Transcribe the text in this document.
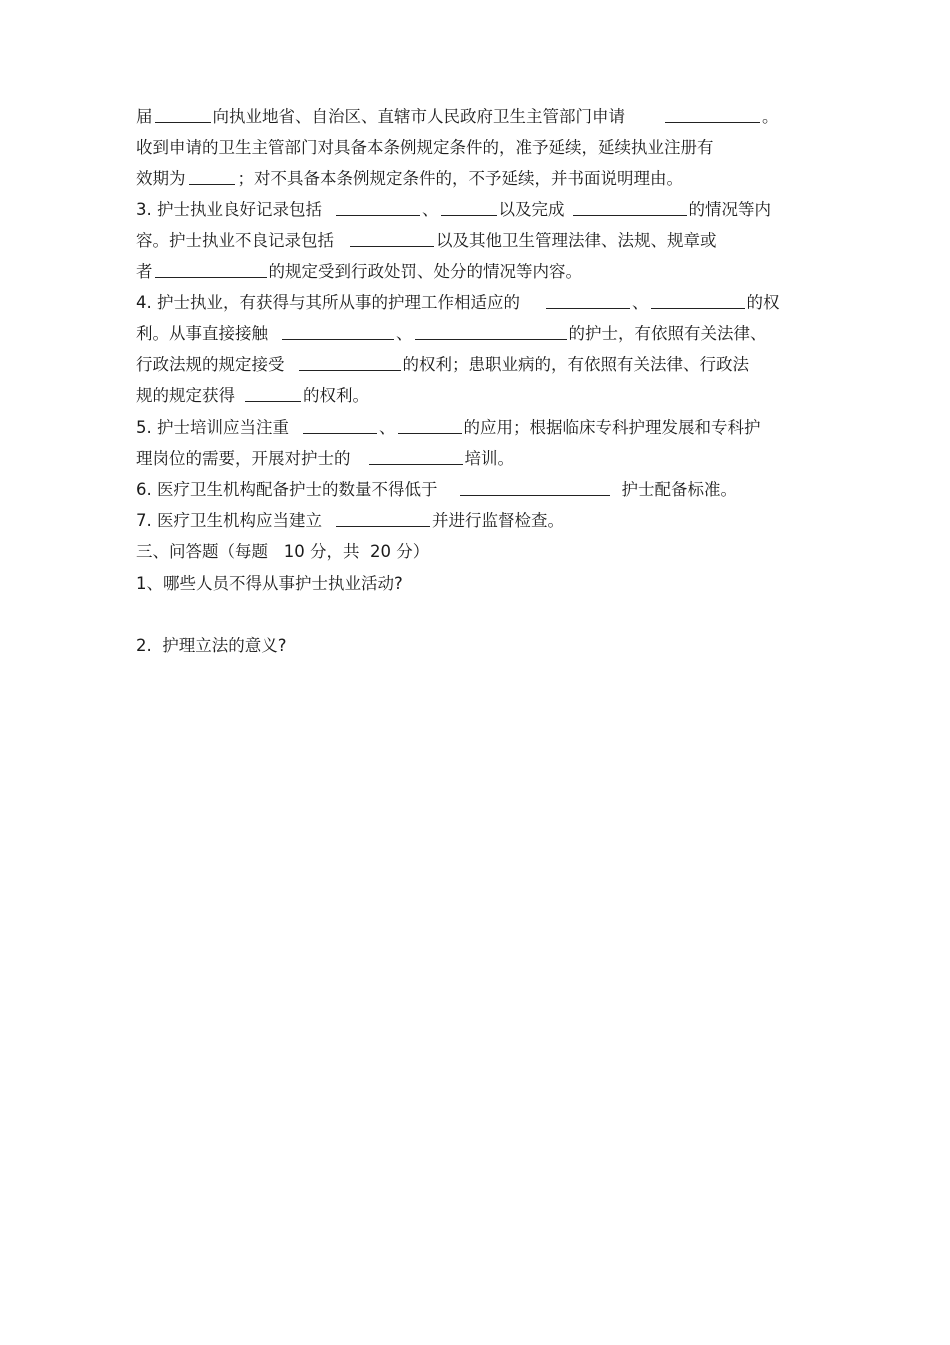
届	向执业地省、自治区、直辖市人民政府卫生主管部门申请	。
收到申请的卫生主管部门对具备本条例规定条件的，准予延续，延续执业注册有
效期为	；对不具备本条例规定条件的，不予延续，并书面说明理由。
3. 护士执业良好记录包括	、	以及完成	的情况等内
容。护士执业不良记录包括	以及其他卫生管理法律、法规、规章或
者	的规定受到行政处罚、处分的情况等内容。
4. 护士执业，有获得与其所从事的护理工作相适应的	、	的权
利。从事直接接触	、	的护士，有依照有关法律、
行政法规的规定接受	的权利；患职业病的，有依照有关法律、行政法
规的规定获得	的权利。
5. 护士培训应当注重	、	的应用；根据临床专科护理发展和专科护
理岗位的需要，开展对护士的	培训。
6. 医疗卫生机构配备护士的数量不得低于	护士配备标准。
7. 医疗卫生机构应当建立	并进行监督检查。
三、问答题（每题   10 分，共  20 分）
1、哪些人员不得从事护士执业活动?
2.  护理立法的意义?
